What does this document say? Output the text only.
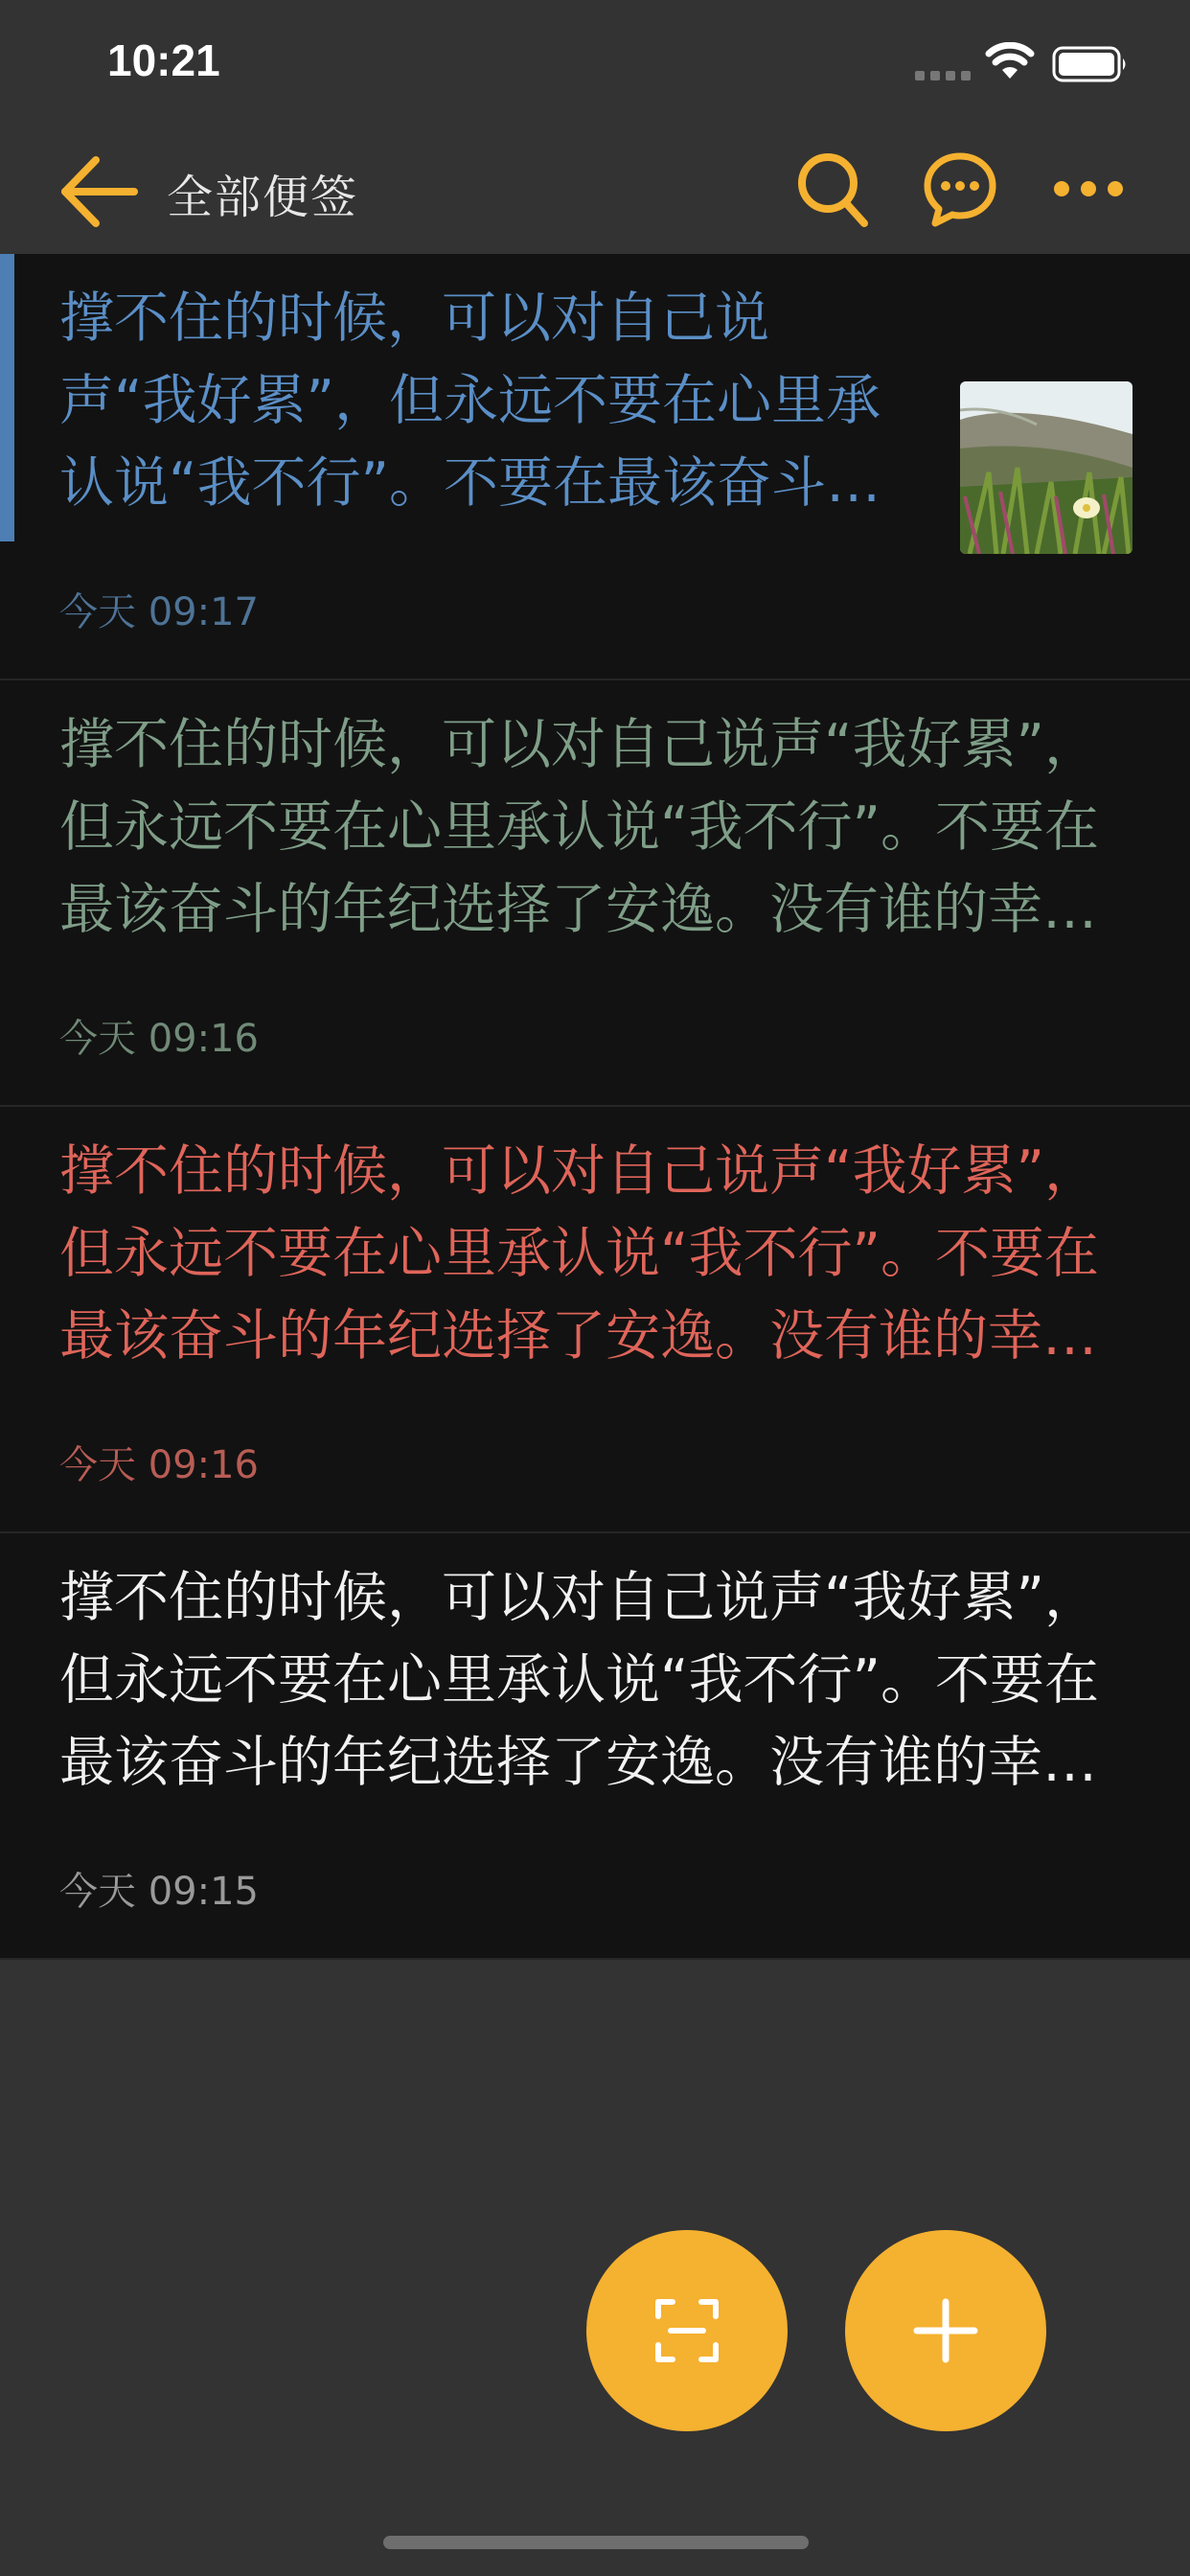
10:21
全部便签
撑不住的时候，可以对自己说声“我好累”，但永远不要在心里承认说“我不行”。不要在最该奋斗的
今天 09:17
撑不住的时候，可以对自己说声“我好累”，但永远不要在心里承认说“我不行”。不要在最该奋斗的年纪选择了安逸。没有谁的幸
今天 09:16
撑不住的时候，可以对自己说声“我好累”，但永远不要在心里承认说“我不行”。不要在最该奋斗的年纪选择了安逸。没有谁的幸
今天 09:16
撑不住的时候，可以对自己说声“我好累”，但永远不要在心里承认说“我不行”。不要在最该奋斗的年纪选择了安逸。没有谁的幸
今天 09:15
